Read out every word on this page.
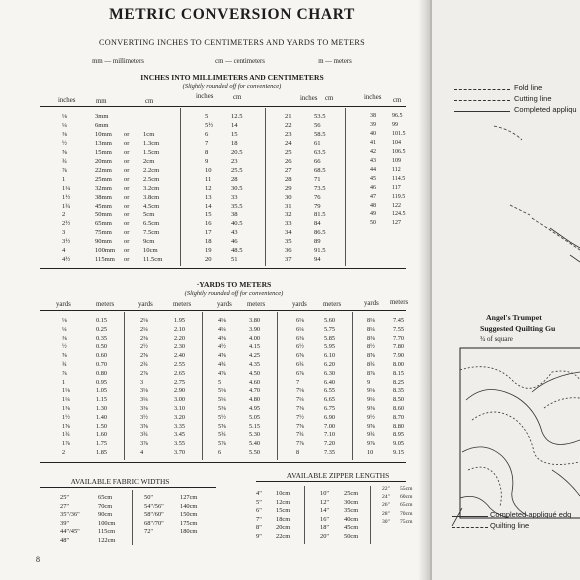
METRIC CONVERSION CHART
CONVERTING INCHES TO CENTIMETERS AND YARDS TO METERS
mm — millimeters	cm — centimeters	m — meters
INCHES INTO MILLIMETERS AND CENTIMETERS
(Slightly rounded off for convenience)
inches	mm	cm
inches	cm	inches cm	inches cm
⅛	3mm
¼	6mm
⅜	10mm or 1cm
½	13mm or 1.3cm
⅝	15mm or 1.5cm
¾	20mm or 2cm
⅞	22mm or 2.2cm
1	25mm or 2.5cm
1¼	32mm or 3.2cm
1½	38mm or 3.8cm
1¾	45mm or 4.5cm
2	50mm or 5cm
2½	65mm or 6.5cm
3	75mm or 7.5cm
3½	90mm or 9cm
4	100mm or 10cm
4½	115mm or 11.5cm
5	12.5
5½	14
6	15
7	18
8	20.5
9	23
10	25.5
11	28
12	30.5
13	33
14	35.5
15	38
16	40.5
17	43
18	46
19	48.5
20	51
21	53.5
22	56
23	58.5
24	61
25	63.5
26	66
27	68.5
28	71
29	73.5
30	76
31	79
32	81.5
33	84
34	86.5
35	89
36	91.5
37	94
38	96.5
39	99
40	101.5
41	104
42	106.5
43	109
44	112
45	114.5
46	117
47	119.5
48	122
49	124.5
50	127
·YARDS TO METERS
(Slightly rounded off for convenience)
yards	meters	yards	meters	yards meters	yards meters	yards meters
⅛	0.15
¼	0.25
⅜	0.35
½	0.50
⅝	0.60
¾	0.70
⅞	0.80
1	0.95
1⅛	1.05
1¼	1.15
1⅜	1.30
1½	1.40
1⅝	1.50
1¾	1.60
1⅞	1.75
2	1.85
2⅛	1.95
2¼	2.10
2⅜	2.20
2½	2.30
2⅝	2.40
2¾	2.55
2⅞	2.65
3	2.75
3⅛	2.90
3¼	3.00
3⅜	3.10
3½	3.20
3⅝	3.35
3¾	3.45
3⅞	3.55
4	3.70
4⅛	3.80
4¼	3.90
4⅜	4.00
4½	4.15
4⅝	4.25
4¾	4.35
4⅞	4.50
5	4.60
5⅛	4.70
5¼	4.80
5⅜	4.95
5½	5.05
5⅝	5.15
5¾	5.30
5⅞	5.40
6	5.50
6⅛	5.60
6¼	5.75
6⅜	5.85
6½	5.95
6⅝	6.10
6¾	6.20
6⅞	6.30
7	6.40
7⅛	6.55
7¼	6.65
7⅜	6.75
7½	6.90
7⅝	7.00
7¾	7.10
7⅞	7.20
8	7.35
8⅛	7.45
8¼	7.55
8⅜	7.70
8½	7.80
8⅝	7.90
8¾	8.00
8⅞	8.15
9	8.25
9⅛	8.35
9¼	8.50
9⅜	8.60
9½	8.70
9⅝	8.80
9¾	8.95
9⅞	9.05
10	9.15
AVAILABLE FABRIC WIDTHS
25"	65cm
27"	70cm
35"/36"	90cm
39"	100cm
44"/45"	115cm
48"	122cm
50"	127cm
54"/56"	140cm
58"/60"	150cm
68"/70"	175cm
72"	180cm
AVAILABLE ZIPPER LENGTHS
4" 10cm
5" 12cm
6" 15cm
7" 18cm
8" 20cm
9" 22cm
10" 25cm
12" 30cm
14" 35cm
16" 40cm
18" 45cm
20" 50cm
22" 55cm
24" 60cm
26" 65cm
28" 70cm
30" 75cm
8
Fold line
Cutting line
Completed appliqu
Angel's Trumpet
Suggested Quilting Gu
¾ of square
Completed appliqué edg
Quilting line
